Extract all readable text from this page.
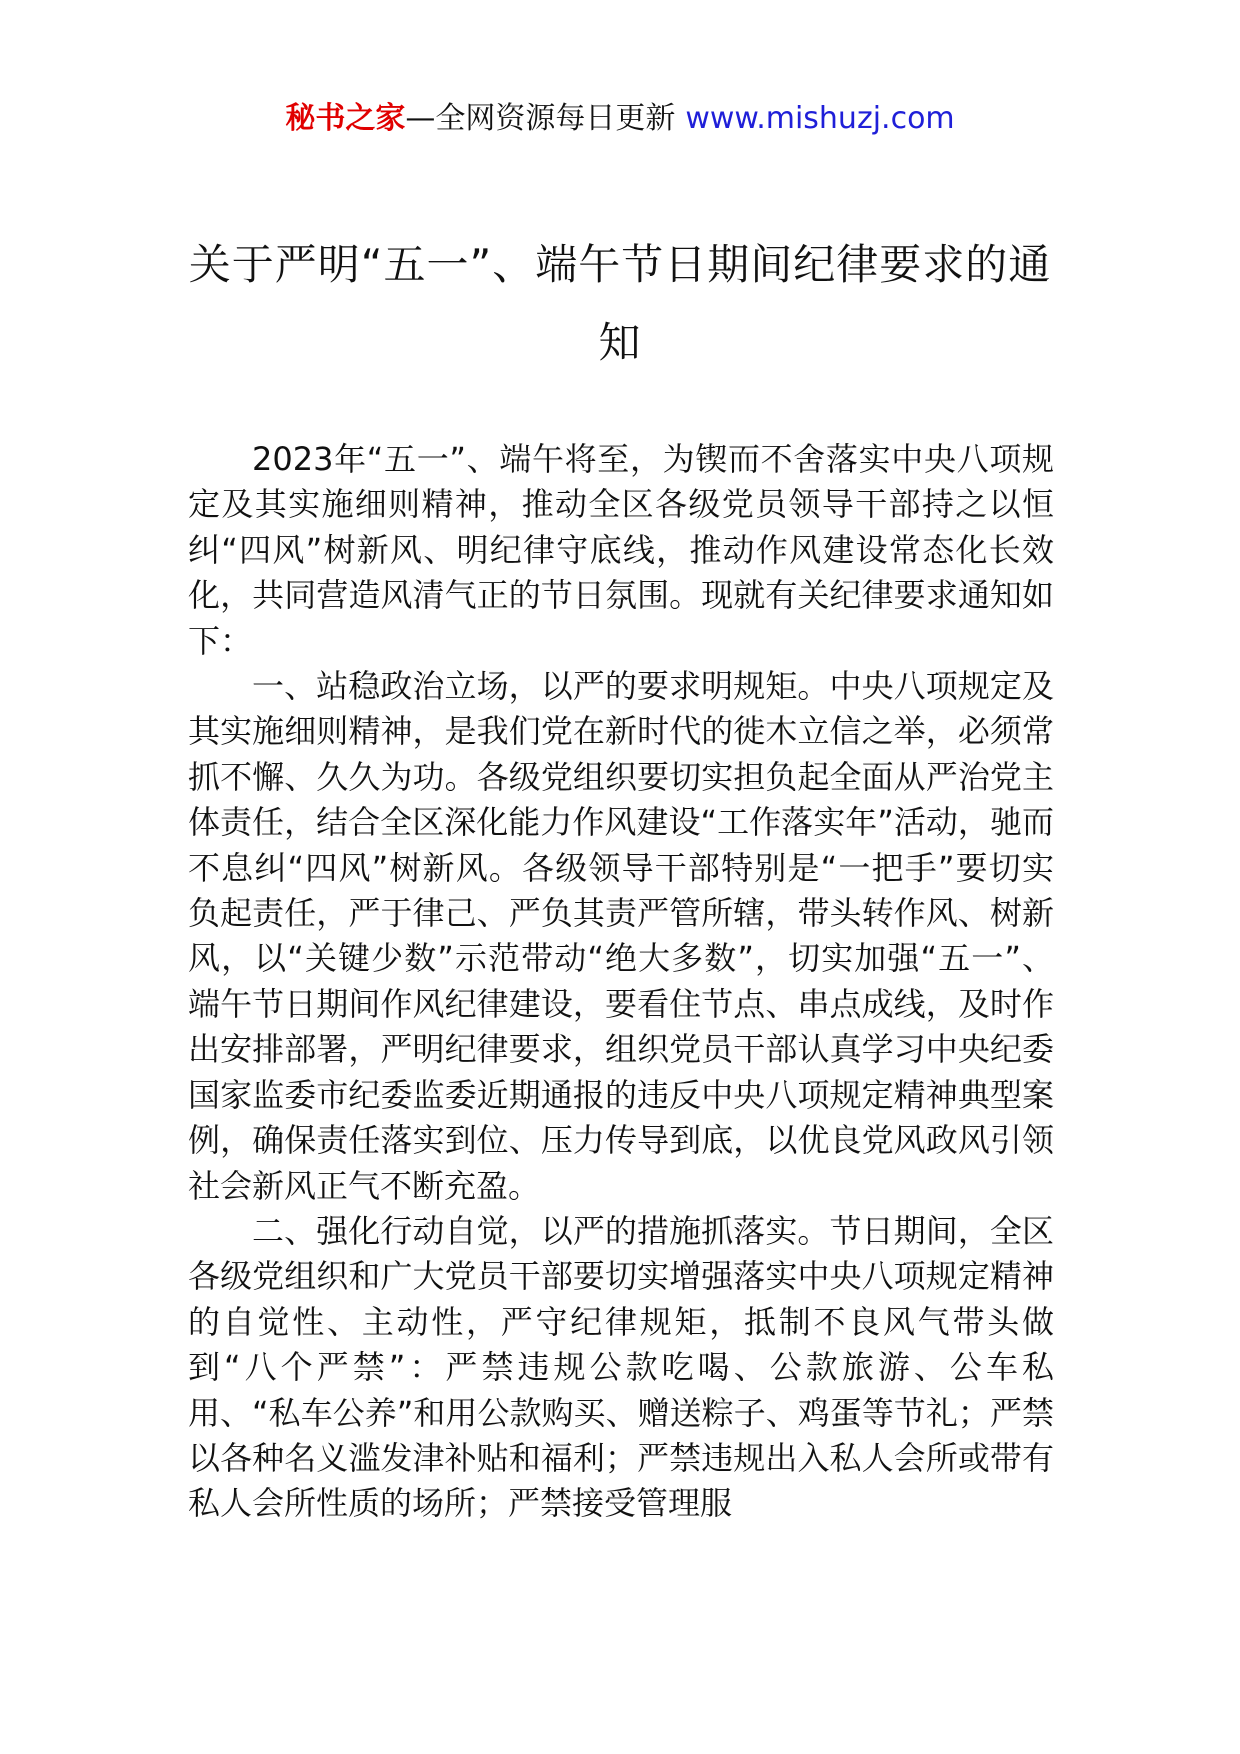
秘书之家—全网资源每日更新 www.mishuzj.com
关于严明“五一”、端午节日期间纪律要求的通知

2023年“五一”、端午将至，为锲而不舍落实中央八项规定及其实施细则精神，推动全区各级党员领导干部持之以恒纠“四风”树新风、明纪律守底线，推动作风建设常态化长效化，共同营造风清气正的节日氛围。现就有关纪律要求通知如下：

一、站稳政治立场，以严的要求明规矩。中央八项规定及其实施细则精神，是我们党在新时代的徙木立信之举，必须常抓不懈、久久为功。各级党组织要切实担负起全面从严治党主体责任，结合全区深化能力作风建设“工作落实年”活动，驰而不息纠“四风”树新风。各级领导干部特别是“一把手”要切实负起责任，严于律己、严负其责严管所辖，带头转作风、树新风，以“关键少数”示范带动“绝大多数”，切实加强“五一”、端午节日期间作风纪律建设，要看住节点、串点成线，及时作出安排部署，严明纪律要求，组织党员干部认真学习中央纪委国家监委市纪委监委近期通报的违反中央八项规定精神典型案例，确保责任落实到位、压力传导到底，以优良党风政风引领社会新风正气不断充盈。

二、强化行动自觉，以严的措施抓落实。节日期间，全区各级党组织和广大党员干部要切实增强落实中央八项规定精神的自觉性、主动性，严守纪律规矩，抵制不良风气带头做到“八个严禁”：严禁违规公款吃喝、公款旅游、公车私用、“私车公养”和用公款购买、赠送粽子、鸡蛋等节礼；严禁以各种名义滥发津补贴和福利；严禁违规出入私人会所或带有私人会所性质的场所；严禁接受管理服
